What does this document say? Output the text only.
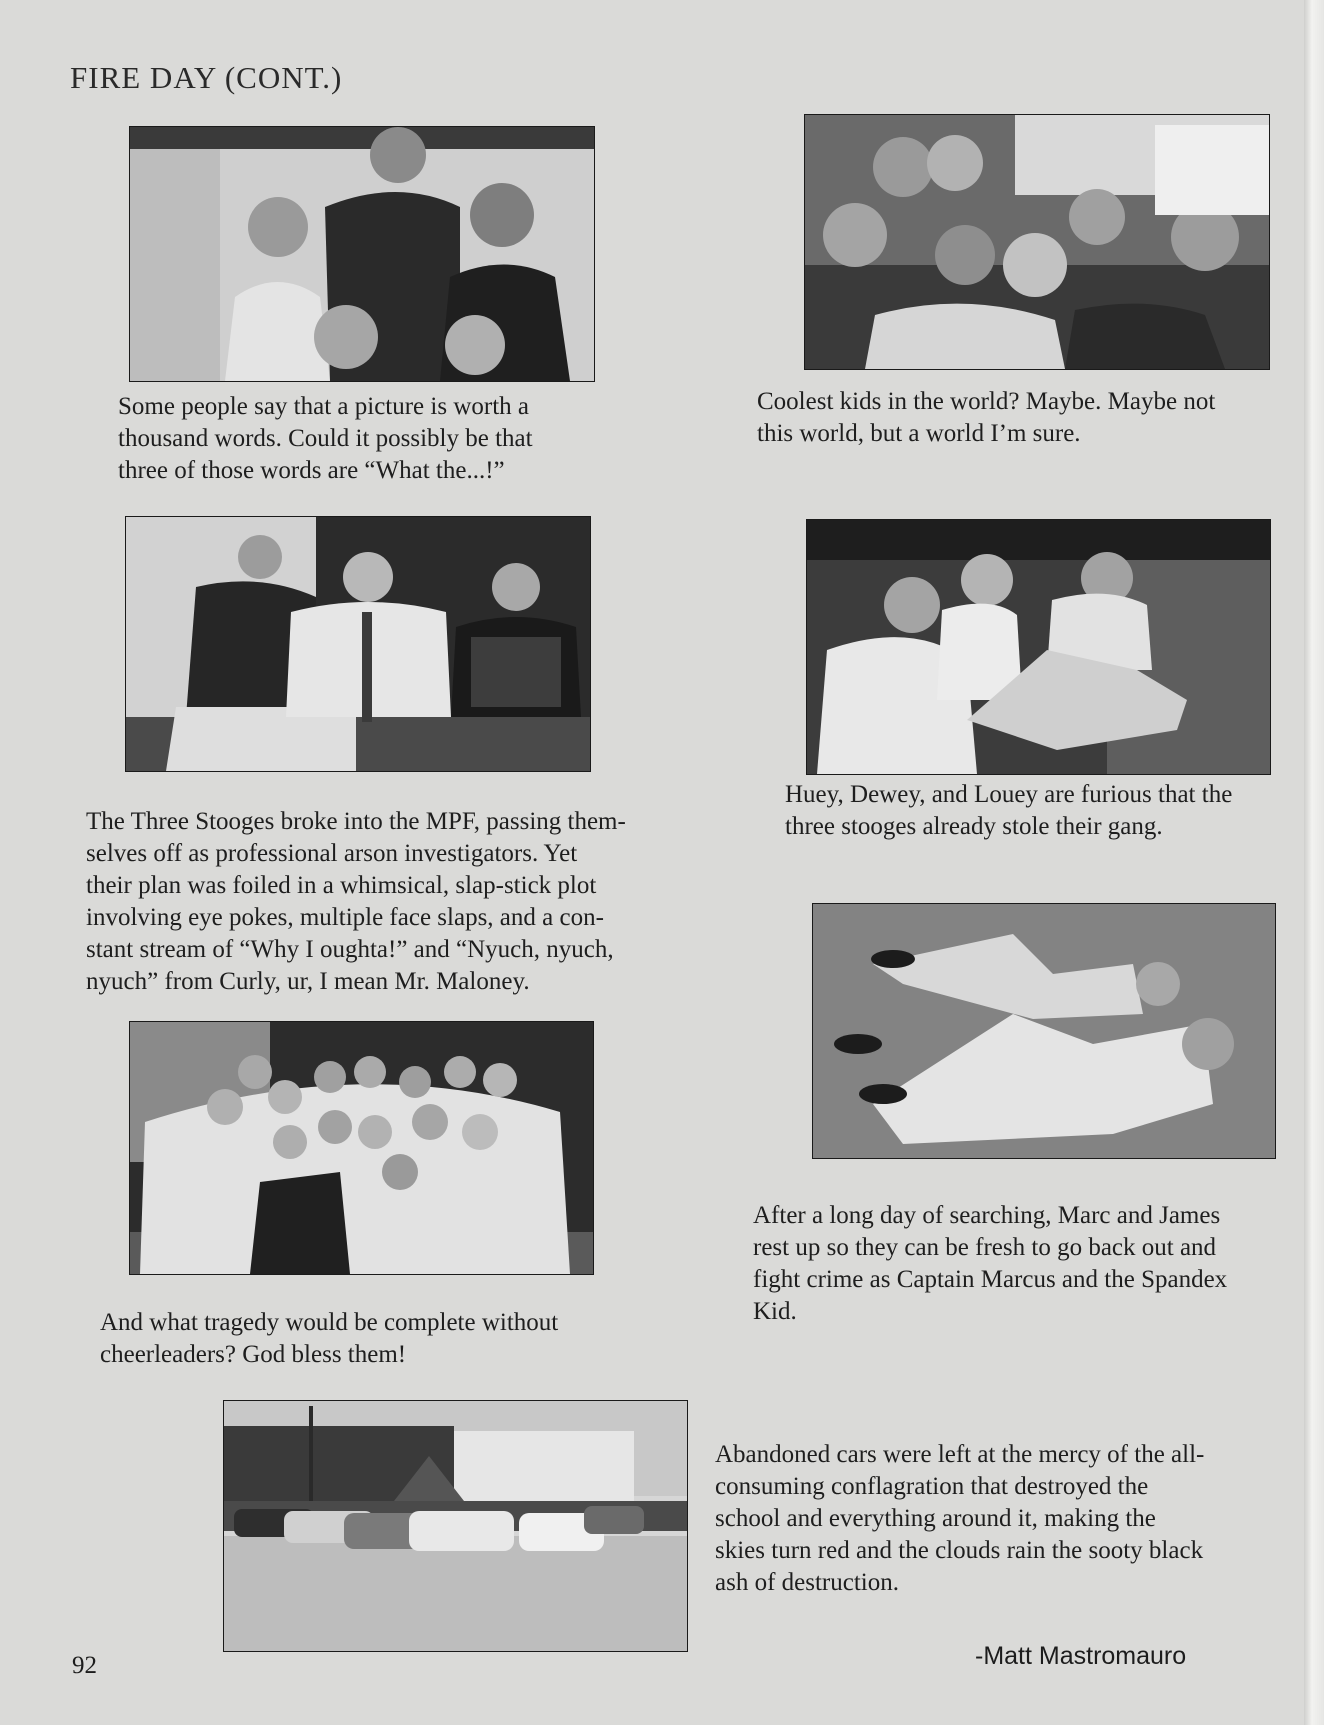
FIRE DAY (CONT.)
Some people say that a picture is worth a
thousand words. Could it possibly be that
three of those words are “What the...!”
Coolest kids in the world? Maybe. Maybe not
this world, but a world I’m sure.
The Three Stooges broke into the MPF, passing them-
selves off as professional arson investigators. Yet
their plan was foiled in a whimsical, slap-stick plot
involving eye pokes, multiple face slaps, and a con-
stant stream of “Why I oughta!” and “Nyuch, nyuch,
nyuch” from Curly, ur, I mean Mr. Maloney.
Huey, Dewey, and Louey are furious that the
three stooges already stole their gang.
After a long day of searching, Marc and James
rest up so they can be fresh to go back out and
fight crime as Captain Marcus and the Spandex
Kid.
And what tragedy would be complete without
cheerleaders? God bless them!
Abandoned cars were left at the mercy of the all-
consuming conflagration that destroyed the
school and everything around it, making the
skies turn red and the clouds rain the sooty black
ash of destruction.
92	-Matt Mastromauro
